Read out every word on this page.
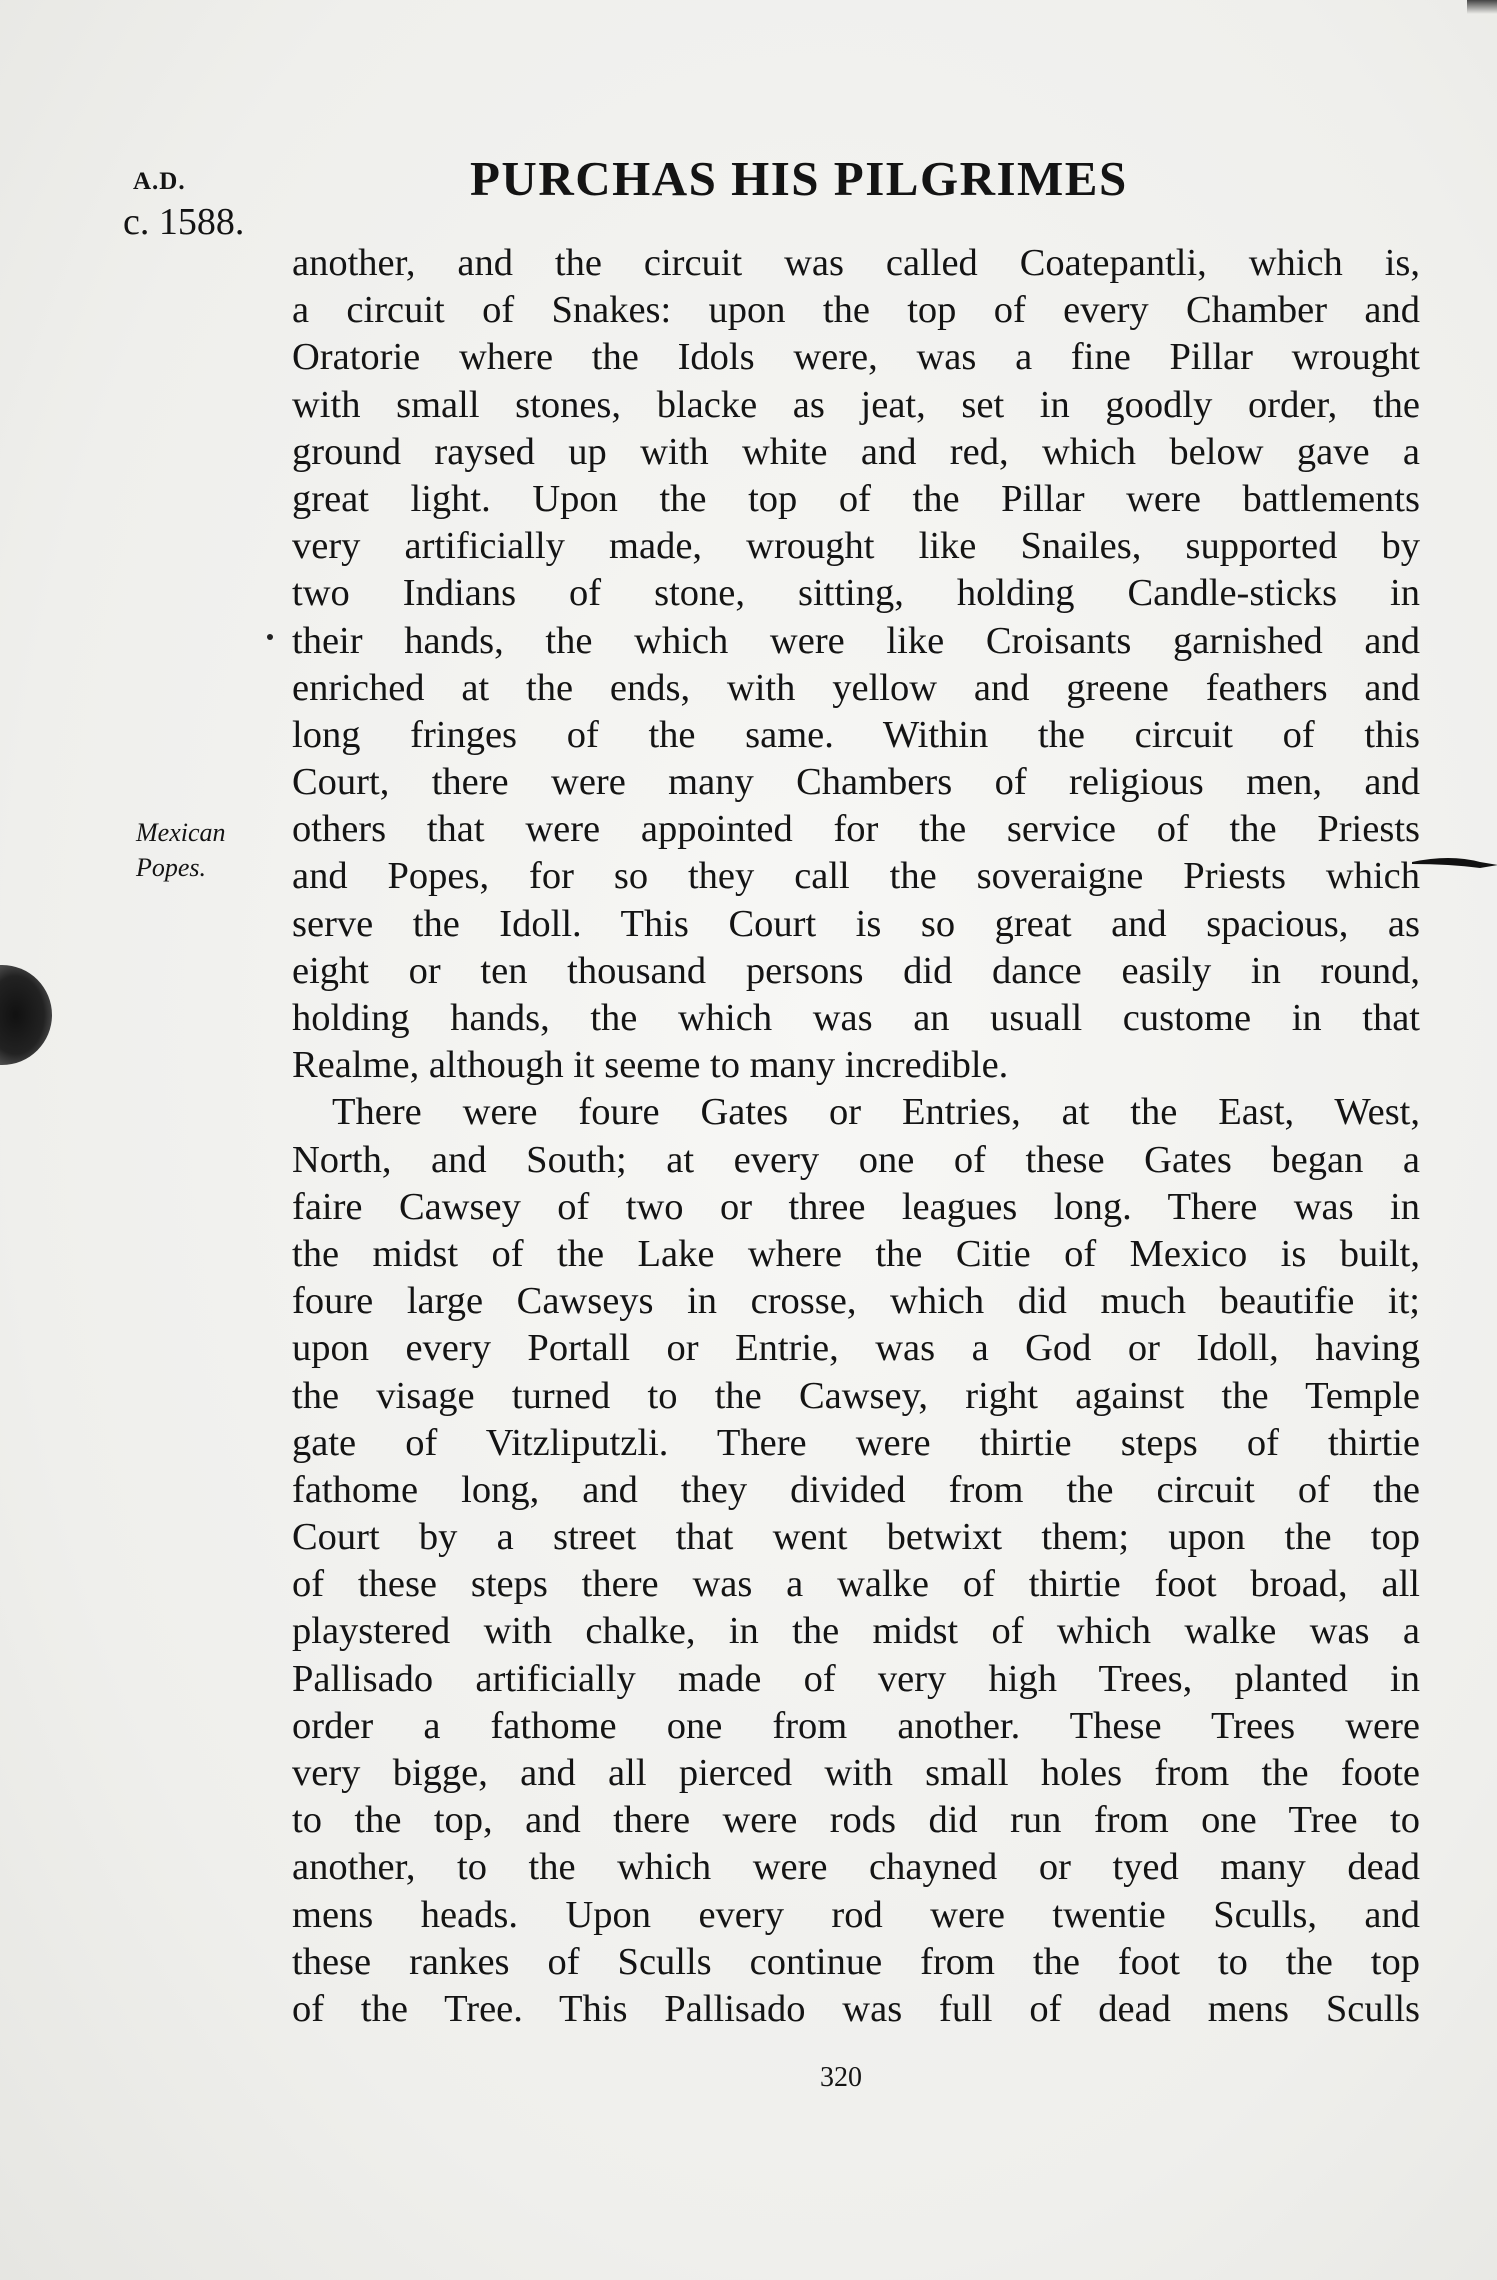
A.D.
c. 1588.
PURCHAS HIS PILGRIMES
Mexican
Popes.
another, and the circuit was called Coatepantli, which is,
a circuit of Snakes: upon the top of every Chamber and
Oratorie where the Idols were, was a fine Pillar wrought
with small stones, blacke as jeat, set in goodly order, the
ground raysed up with white and red, which below gave a
great light. Upon the top of the Pillar were battlements
very artificially made, wrought like Snailes, supported by
two Indians of stone, sitting, holding Candle-sticks in
their hands, the which were like Croisants garnished and
enriched at the ends, with yellow and greene feathers and
long fringes of the same. Within the circuit of this
Court, there were many Chambers of religious men, and
others that were appointed for the service of the Priests
and Popes, for so they call the soveraigne Priests which
serve the Idoll. This Court is so great and spacious, as
eight or ten thousand persons did dance easily in round,
holding hands, the which was an usuall custome in that
Realme, although it seeme to many incredible.
There were foure Gates or Entries, at the East, West,
North, and South; at every one of these Gates began a
faire Cawsey of two or three leagues long. There was in
the midst of the Lake where the Citie of Mexico is built,
foure large Cawseys in crosse, which did much beautifie it;
upon every Portall or Entrie, was a God or Idoll, having
the visage turned to the Cawsey, right against the Temple
gate of Vitzliputzli. There were thirtie steps of thirtie
fathome long, and they divided from the circuit of the
Court by a street that went betwixt them; upon the top
of these steps there was a walke of thirtie foot broad, all
playstered with chalke, in the midst of which walke was a
Pallisado artificially made of very high Trees, planted in
order a fathome one from another. These Trees were
very bigge, and all pierced with small holes from the foote
to the top, and there were rods did run from one Tree to
another, to the which were chayned or tyed many dead
mens heads. Upon every rod were twentie Sculls, and
these rankes of Sculls continue from the foot to the top
of the Tree. This Pallisado was full of dead mens Sculls
320
